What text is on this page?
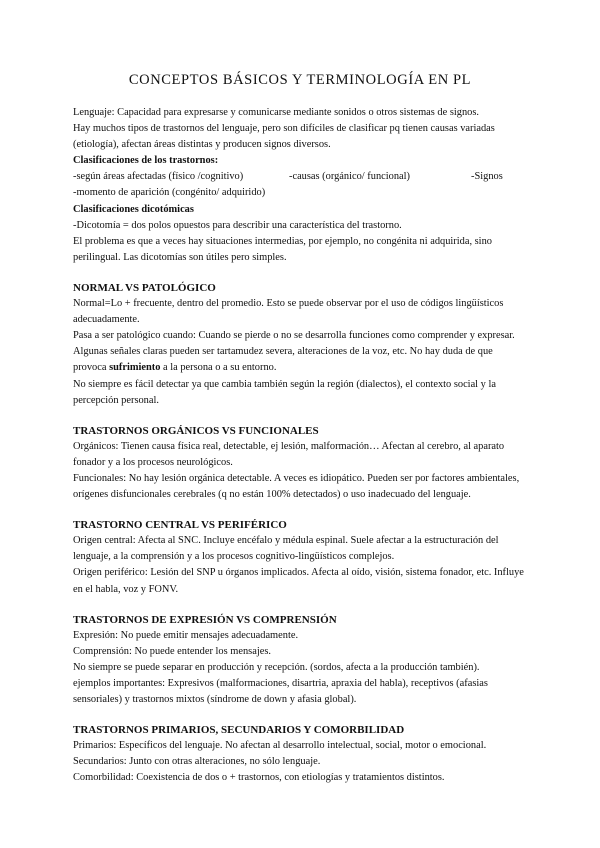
CONCEPTOS BÁSICOS Y TERMINOLOGÍA EN PL

Lenguaje: Capacidad para expresarse y comunicarse mediante sonidos o otros sistemas de signos.

Hay muchos tipos de trastornos del lenguaje, pero son difíciles de clasificar pq tienen causas variadas (etiología), afectan áreas distintas y producen signos diversos.

Clasificaciones de los trastornos:

-según áreas afectadas (físico /cognitivo)	-causas (orgánico/ funcional)	-Signos

-momento de aparición (congénito/ adquirido)

Clasificaciones dicotómicas

-Dicotomía = dos polos opuestos para describir una característica del trastorno.

El problema es que a veces hay situaciones intermedias, por ejemplo, no congénita ni adquirida, sino perilingual. Las dicotomías son útiles pero simples.

NORMAL VS PATOLÓGICO

Normal=Lo + frecuente, dentro del promedio. Esto se puede observar por el uso de códigos lingüísticos adecuadamente.

Pasa a ser patológico cuando: Cuando se pierde o no se desarrolla funciones como comprender y expresar. Algunas señales claras pueden ser tartamudez severa, alteraciones de la voz, etc. No hay duda de que provoca sufrimiento a la persona o a su entorno.

No siempre es fácil detectar ya que cambia también según la región (dialectos), el contexto social y la percepción personal.

TRASTORNOS ORGÁNICOS VS FUNCIONALES

Orgánicos: Tienen causa física real, detectable, ej lesión, malformación… Afectan al cerebro, al aparato fonador y a los procesos neurológicos.

Funcionales: No hay lesión orgánica detectable. A veces es idiopático. Pueden ser por factores ambientales, orígenes disfuncionales cerebrales (q no están 100% detectados) o uso inadecuado del lenguaje.

TRASTORNO CENTRAL VS PERIFÉRICO

Origen central: Afecta al SNC. Incluye encéfalo y médula espinal. Suele afectar a la estructuración del lenguaje, a la comprensión y a los procesos cognitivo-lingüísticos complejos.

Origen periférico: Lesión del SNP u órganos implicados. Afecta al oído, visión, sistema fonador, etc. Influye en el habla, voz y FONV.

TRASTORNOS DE EXPRESIÓN VS COMPRENSIÓN

Expresión: No puede emitir mensajes adecuadamente.

Comprensión: No puede entender los mensajes.

No siempre se puede separar en producción y recepción. (sordos, afecta a la producción también).

ejemplos importantes: Expresivos (malformaciones, disartria, apraxia del habla), receptivos (afasias sensoriales) y trastornos mixtos (síndrome de down y afasia global).

TRASTORNOS PRIMARIOS, SECUNDARIOS Y COMORBILIDAD

Primarios: Específicos del lenguaje. No afectan al desarrollo intelectual, social, motor o emocional.

Secundarios: Junto con otras alteraciones, no sólo lenguaje.

Comorbilidad: Coexistencia de dos o + trastornos, con etiologías y tratamientos distintos.
